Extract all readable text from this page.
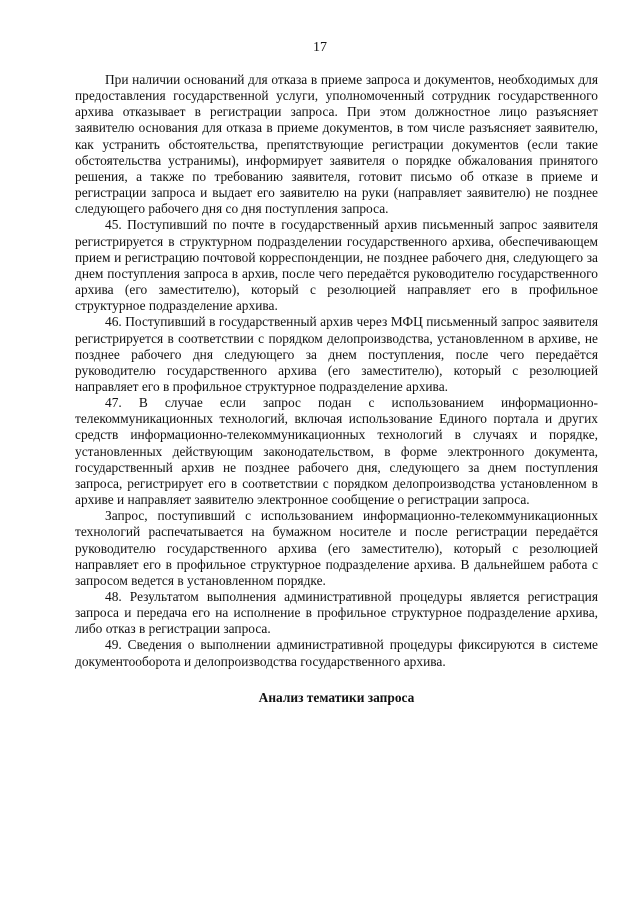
17

При наличии оснований для отказа в приеме запроса и документов, необходимых для предоставления государственной услуги, уполномоченный сотрудник государственного архива отказывает в регистрации запроса. При этом должностное лицо разъясняет заявителю основания для отказа в приеме документов, в том числе разъясняет заявителю, как устранить обстоятельства, препятствующие регистрации документов (если такие обстоятельства устранимы), информирует заявителя о порядке обжалования принятого решения, а также по требованию заявителя, готовит письмо об отказе в приеме и регистрации запроса и выдает его заявителю на руки (направляет заявителю) не позднее следующего рабочего дня со дня поступления запроса.

45. Поступивший по почте в государственный архив письменный запрос заявителя регистрируется в структурном подразделении государственного архива, обеспечивающем прием и регистрацию почтовой корреспонденции, не позднее рабочего дня, следующего за днем поступления запроса в архив, после чего передаётся руководителю государственного архива (его заместителю), который с резолюцией направляет его в профильное структурное подразделение архива.

46. Поступивший в государственный архив через МФЦ письменный запрос заявителя регистрируется в соответствии с порядком делопроизводства, установленном в архиве, не позднее рабочего дня следующего за днем поступления, после чего передаётся руководителю государственного архива (его заместителю), который с резолюцией направляет его в профильное структурное подразделение архива.

47. В случае если запрос подан с использованием информационно-телекоммуникационных технологий, включая использование Единого портала и других средств информационно-телекоммуникационных технологий в случаях и порядке, установленных действующим законодательством, в форме электронного документа, государственный архив не позднее рабочего дня, следующего за днем поступления запроса, регистрирует его в соответствии с порядком делопроизводства установленном в архиве и направляет заявителю электронное сообщение о регистрации запроса.

Запрос, поступивший с использованием информационно-телекоммуникационных технологий распечатывается на бумажном носителе и после регистрации передаётся руководителю государственного архива (его заместителю), который с резолюцией направляет его в профильное структурное подразделение архива. В дальнейшем работа с запросом ведется в установленном порядке.

48. Результатом выполнения административной процедуры является регистрация запроса и передача его на исполнение в профильное структурное подразделение архива, либо отказ в регистрации запроса.

49. Сведения о выполнении административной процедуры фиксируются в системе документооборота и делопроизводства государственного архива.

Анализ тематики запроса
